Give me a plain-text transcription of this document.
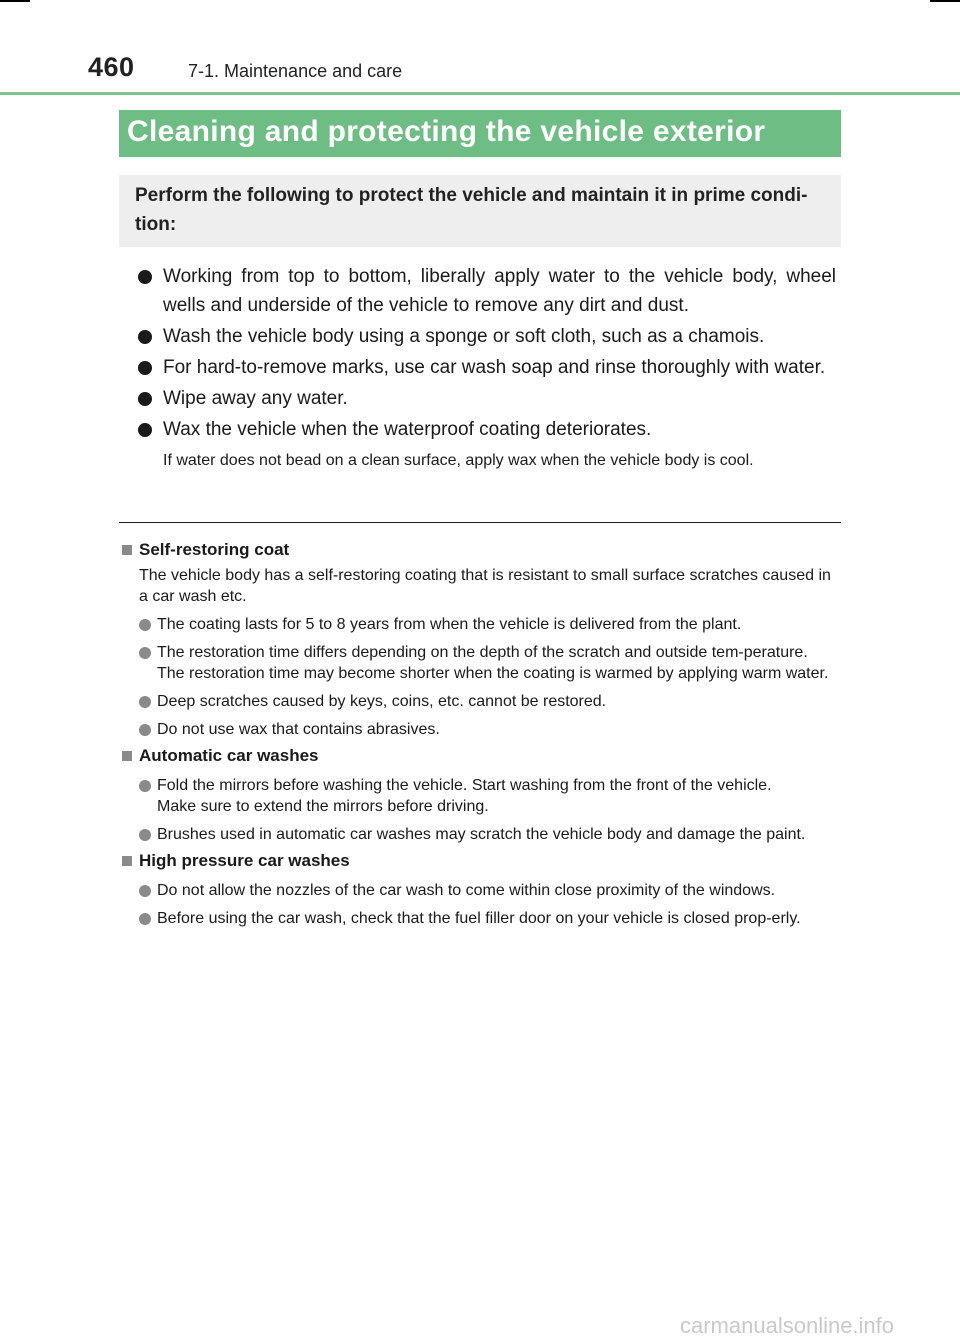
460	7-1. Maintenance and care
Cleaning and protecting the vehicle exterior

Perform the following to protect the vehicle and maintain it in prime condi-tion:

Working from top to bottom, liberally apply water to the vehicle body, wheel wells and underside of the vehicle to remove any dirt and dust.
Wash the vehicle body using a sponge or soft cloth, such as a chamois.
For hard-to-remove marks, use car wash soap and rinse thoroughly with water.
Wipe away any water.
Wax the vehicle when the waterproof coating deteriorates.
If water does not bead on a clean surface, apply wax when the vehicle body is cool.
Self-restoring coat
The vehicle body has a self-restoring coating that is resistant to small surface scratches caused in a car wash etc.
The coating lasts for 5 to 8 years from when the vehicle is delivered from the plant.
The restoration time differs depending on the depth of the scratch and outside tem-perature.
The restoration time may become shorter when the coating is warmed by applying warm water.
Deep scratches caused by keys, coins, etc. cannot be restored.
Do not use wax that contains abrasives.
Automatic car washes
Fold the mirrors before washing the vehicle. Start washing from the front of the vehicle.
Make sure to extend the mirrors before driving.
Brushes used in automatic car washes may scratch the vehicle body and damage the paint.
High pressure car washes
Do not allow the nozzles of the car wash to come within close proximity of the windows.
Before using the car wash, check that the fuel filler door on your vehicle is closed prop-erly.
carmanualsonline.info
